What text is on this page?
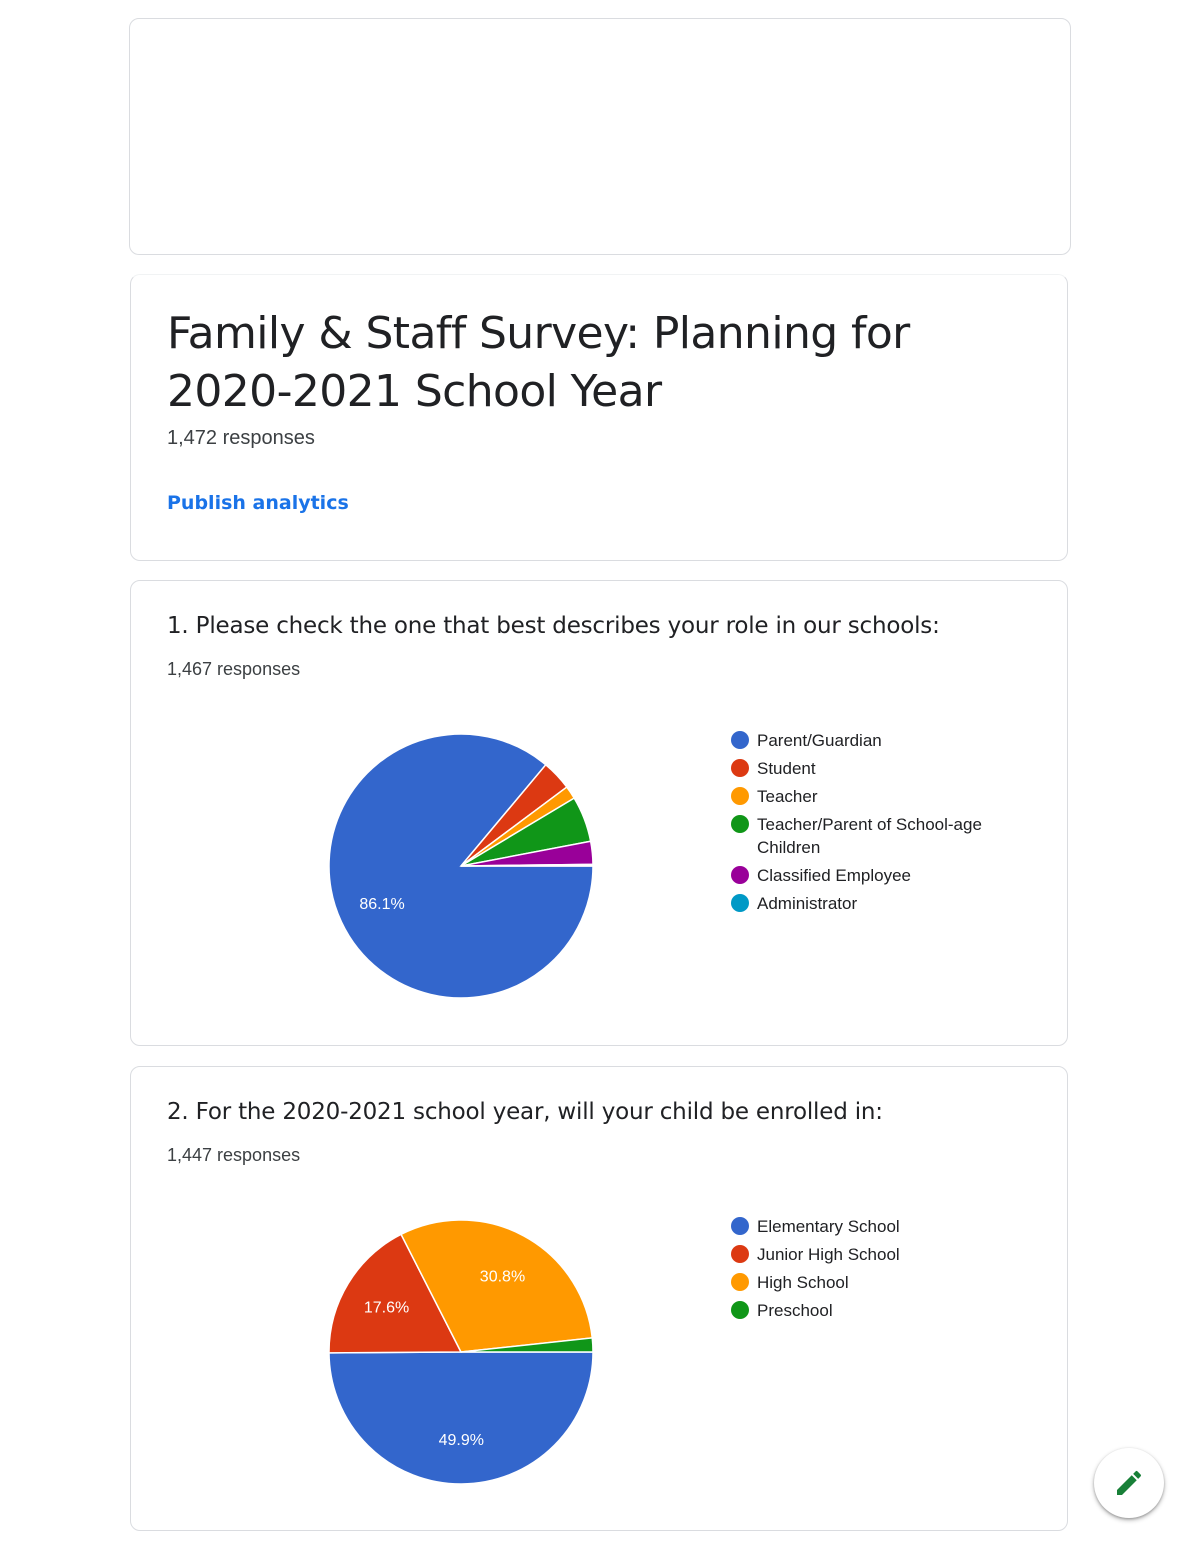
Family & Staff Survey: Planning for 2020-2021 School Year
1,472 responses
Publish analytics
1. Please check the one that best describes your role in our schools:
1,467 responses
86.1%
Parent/Guardian
Student
Teacher
Teacher/Parent of School-age Children
Classified Employee
Administrator
2. For the 2020-2021 school year, will your child be enrolled in:
1,447 responses
49.9%
17.6%
30.8%
Elementary School
Junior High School
High School
Preschool
